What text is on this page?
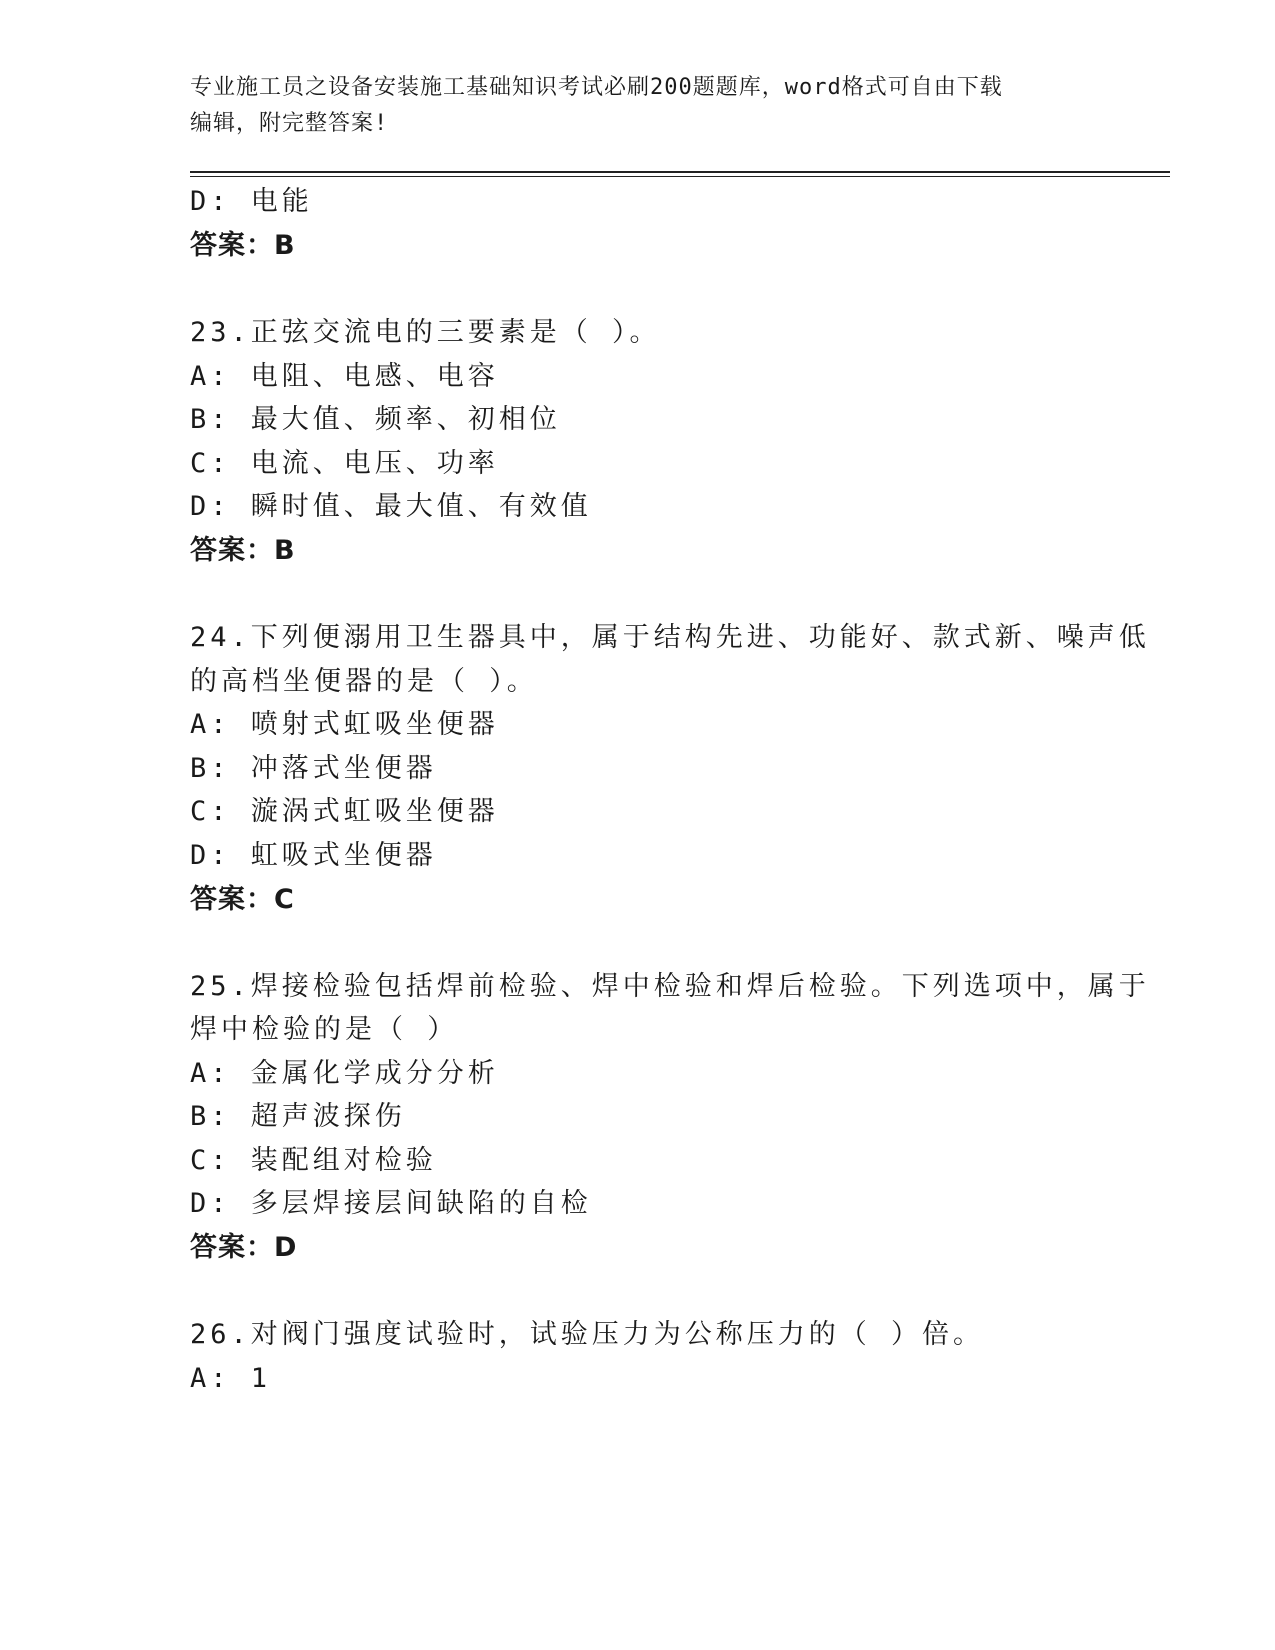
专业施工员之设备安装施工基础知识考试必刷200题题库，word格式可自由下载
编辑，附完整答案!
D: 电能
答案：B
23.正弦交流电的三要素是（ ）。
A: 电阻、电感、电容
B: 最大值、频率、初相位
C: 电流、电压、功率
D: 瞬时值、最大值、有效值
答案：B
24.下列便溺用卫生器具中，属于结构先进、功能好、款式新、噪声低
的高档坐便器的是（ ）。
A: 喷射式虹吸坐便器
B: 冲落式坐便器
C: 漩涡式虹吸坐便器
D: 虹吸式坐便器
答案：C
25.焊接检验包括焊前检验、焊中检验和焊后检验。下列选项中，属于
焊中检验的是（ ）
A: 金属化学成分分析
B: 超声波探伤
C: 装配组对检验
D: 多层焊接层间缺陷的自检
答案：D
26.对阀门强度试验时，试验压力为公称压力的（ ）倍。
A: 1
